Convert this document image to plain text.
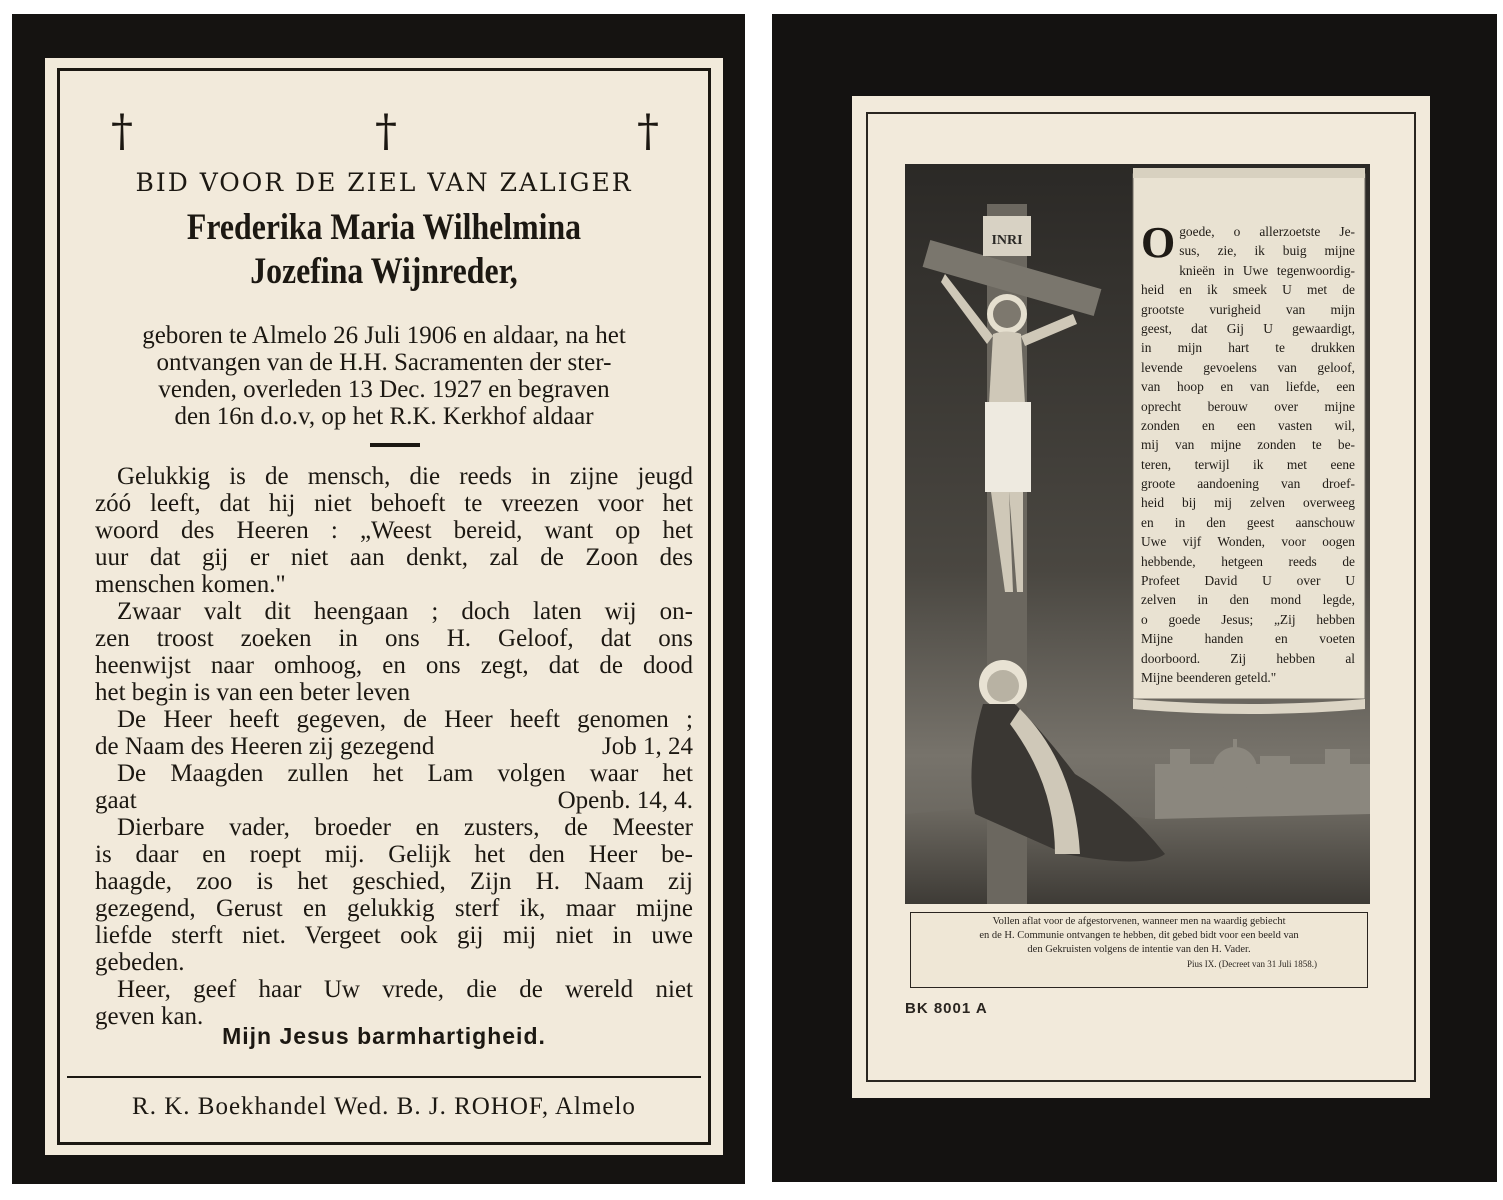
†	†	†
BID VOOR DE ZIEL VAN ZALIGER
Frederika Maria Wilhelmina
Jozefina Wijnreder,
geboren te Almelo 26 Juli 1906 en aldaar, na het
ontvangen van de H.H. Sacramenten der ster-
venden, overleden 13 Dec. 1927 en begraven
den 16n d.o.v, op het R.K. Kerkhof aldaar
Gelukkig is de mensch, die reeds in zijne jeugd
zóó leeft, dat hij niet behoeft te vreezen voor het
woord des Heeren : „Weest bereid, want op het
uur dat gij er niet aan denkt, zal de Zoon des
menschen komen."
Zwaar valt dit heengaan ; doch laten wij on-
zen troost zoeken in ons H. Geloof, dat ons
heenwijst naar omhoog, en ons zegt, dat de dood
het begin is van een beter leven
De Heer heeft gegeven, de Heer heeft genomen ;
de Naam des Heeren zij gezegend	Job 1, 24
De Maagden zullen het Lam volgen waar het
gaat	Openb. 14, 4.
Dierbare vader, broeder en zusters, de Meester
is daar en roept mij. Gelijk het den Heer be-
haagde, zoo is het geschied, Zijn H. Naam zij
gezegend, Gerust en gelukkig sterf ik, maar mijne
liefde sterft niet. Vergeet ook gij mij niet in uwe
gebeden.
Heer, geef haar Uw vrede, die de wereld niet
geven kan.
Mijn Jesus barmhartigheid.
R. K. Boekhandel Wed. B. J. ROHOF, Almelo
INRI	O goede, o allerzoetste Je-
sus, zie, ik buig mijne
knieën in Uwe tegenwoordig-
heid en ik smeek U met de
grootste vurigheid van mijn
geest, dat Gij U gewaardigt,
in mijn hart te drukken
levende gevoelens van geloof,
van hoop en van liefde, een
oprecht berouw over mijne
zonden en een vasten wil,
mij van mijne zonden te be-
teren, terwijl ik met eene
groote aandoening van droef-
heid bij mij zelven overweeg
en in den geest aanschouw
Uwe vijf Wonden, voor oogen
hebbende, hetgeen reeds de
Profeet David U over U
zelven in den mond legde,
o goede Jesus; „Zij hebben
Mijne handen en voeten
doorboord. Zij hebben al
Mijne beenderen geteld."
Vollen aflat voor de afgestorvenen, wanneer men na waardig gebiecht
en de H. Communie ontvangen te hebben, dit gebed bidt voor een beeld van
den Gekruisten volgens de intentie van den H. Vader.
Pius IX. (Decreet van 31 Juli 1858.)
BK 8001 A
